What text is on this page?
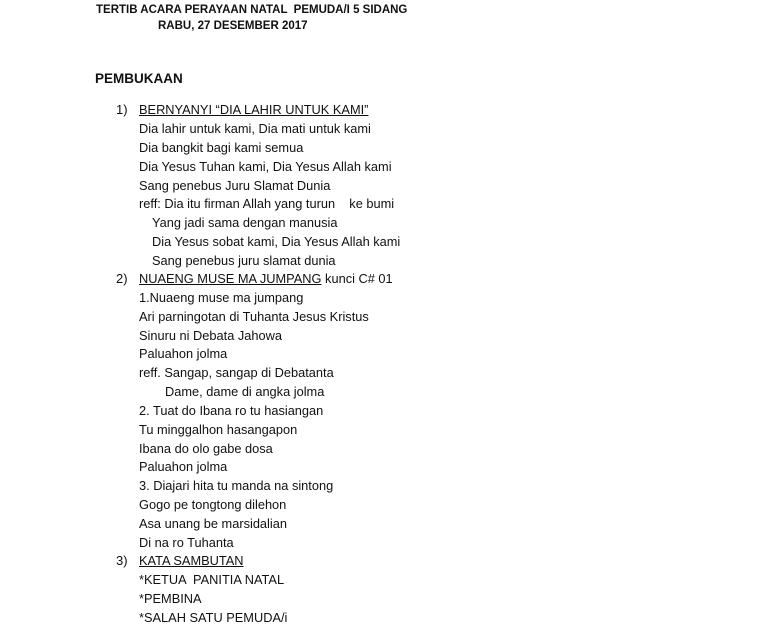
TERTIB ACARA PERAYAAN NATAL  PEMUDA/I 5 SIDANG
RABU, 27 DESEMBER 2017
PEMBUKAAN
1) BERNYANYI “DIA LAHIR UNTUK KAMI”
Dia lahir untuk kami, Dia mati untuk kami
Dia bangkit bagi kami semua
Dia Yesus Tuhan kami, Dia Yesus Allah kami
Sang penebus Juru Slamat Dunia
reff: Dia itu firman Allah yang turun    ke bumi
Yang jadi sama dengan manusia
Dia Yesus sobat kami, Dia Yesus Allah kami
Sang penebus juru slamat dunia
2) NUAENG MUSE MA JUMPANG kunci C# 01
1.Nuaeng muse ma jumpang
Ari parningotan di Tuhanta Jesus Kristus
Sinuru ni Debata Jahowa
Paluahon jolma
reff. Sangap, sangap di Debatanta
Dame, dame di angka jolma
2. Tuat do Ibana ro tu hasiangan
Tu minggalhon hasangapon
Ibana do olo gabe dosa
Paluahon jolma
3. Diajari hita tu manda na sintong
Gogo pe tongtong dilehon
Asa unang be marsidalian
Di na ro Tuhanta
3) KATA SAMBUTAN
*KETUA  PANITIA NATAL
*PEMBINA
*SALAH SATU PEMUDA/i
